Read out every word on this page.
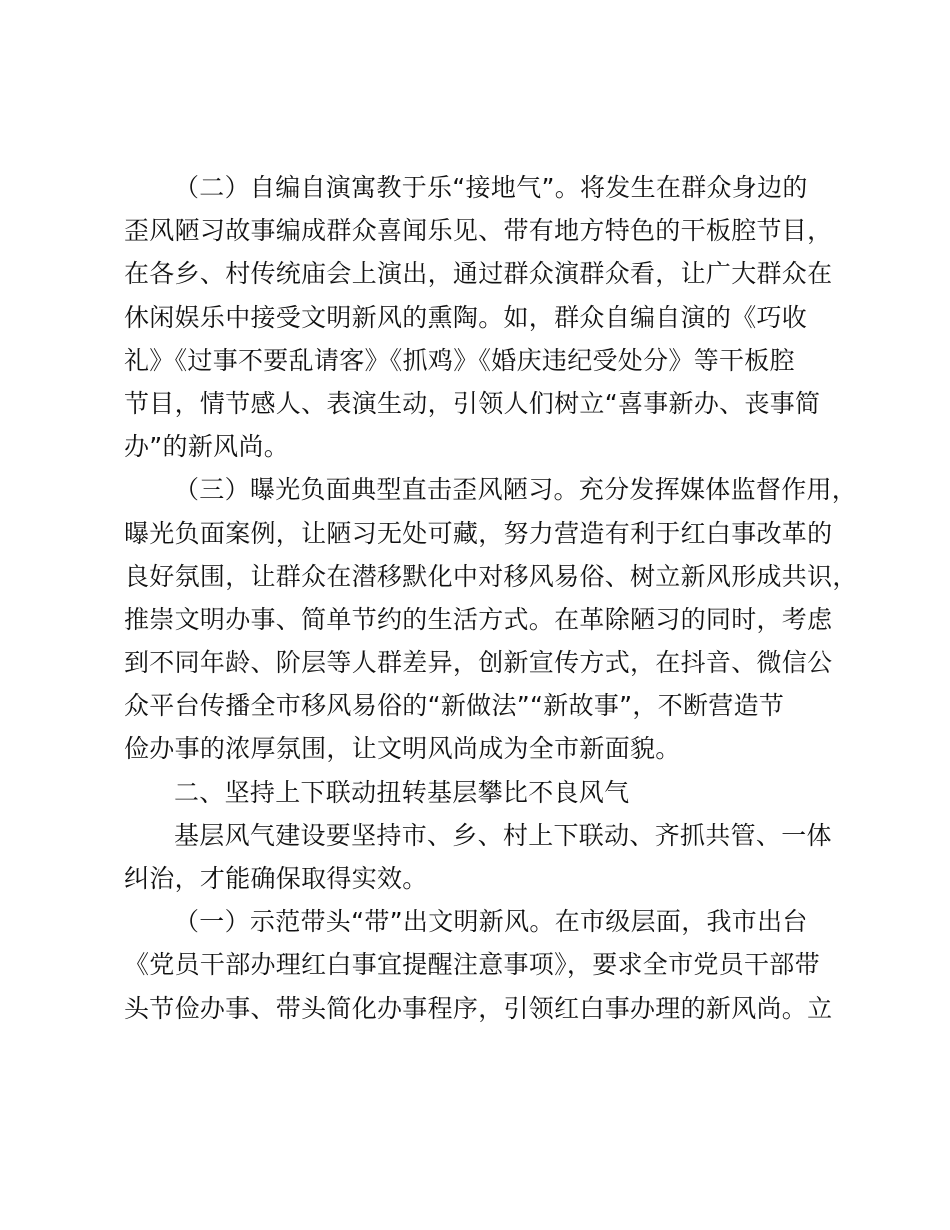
（二）自编自演寓教于乐“接地气”。将发生在群众身边的
歪风陋习故事编成群众喜闻乐见、带有地方特色的干板腔节目，
在各乡、村传统庙会上演出，通过群众演群众看，让广大群众在
休闲娱乐中接受文明新风的熏陶。如，群众自编自演的《巧收
礼》《过事不要乱请客》《抓鸡》《婚庆违纪受处分》等干板腔
节目，情节感人、表演生动，引领人们树立“喜事新办、丧事简
办”的新风尚。
（三）曝光负面典型直击歪风陋习。充分发挥媒体监督作用，
曝光负面案例，让陋习无处可藏，努力营造有利于红白事改革的
良好氛围，让群众在潜移默化中对移风易俗、树立新风形成共识，
推崇文明办事、简单节约的生活方式。在革除陋习的同时，考虑
到不同年龄、阶层等人群差异，创新宣传方式，在抖音、微信公
众平台传播全市移风易俗的“新做法”“新故事”，不断营造节
俭办事的浓厚氛围，让文明风尚成为全市新面貌。
二、坚持上下联动扭转基层攀比不良风气
基层风气建设要坚持市、乡、村上下联动、齐抓共管、一体
纠治，才能确保取得实效。
（一）示范带头“带”出文明新风。在市级层面，我市出台
《党员干部办理红白事宜提醒注意事项》，要求全市党员干部带
头节俭办事、带头简化办事程序，引领红白事办理的新风尚。立
